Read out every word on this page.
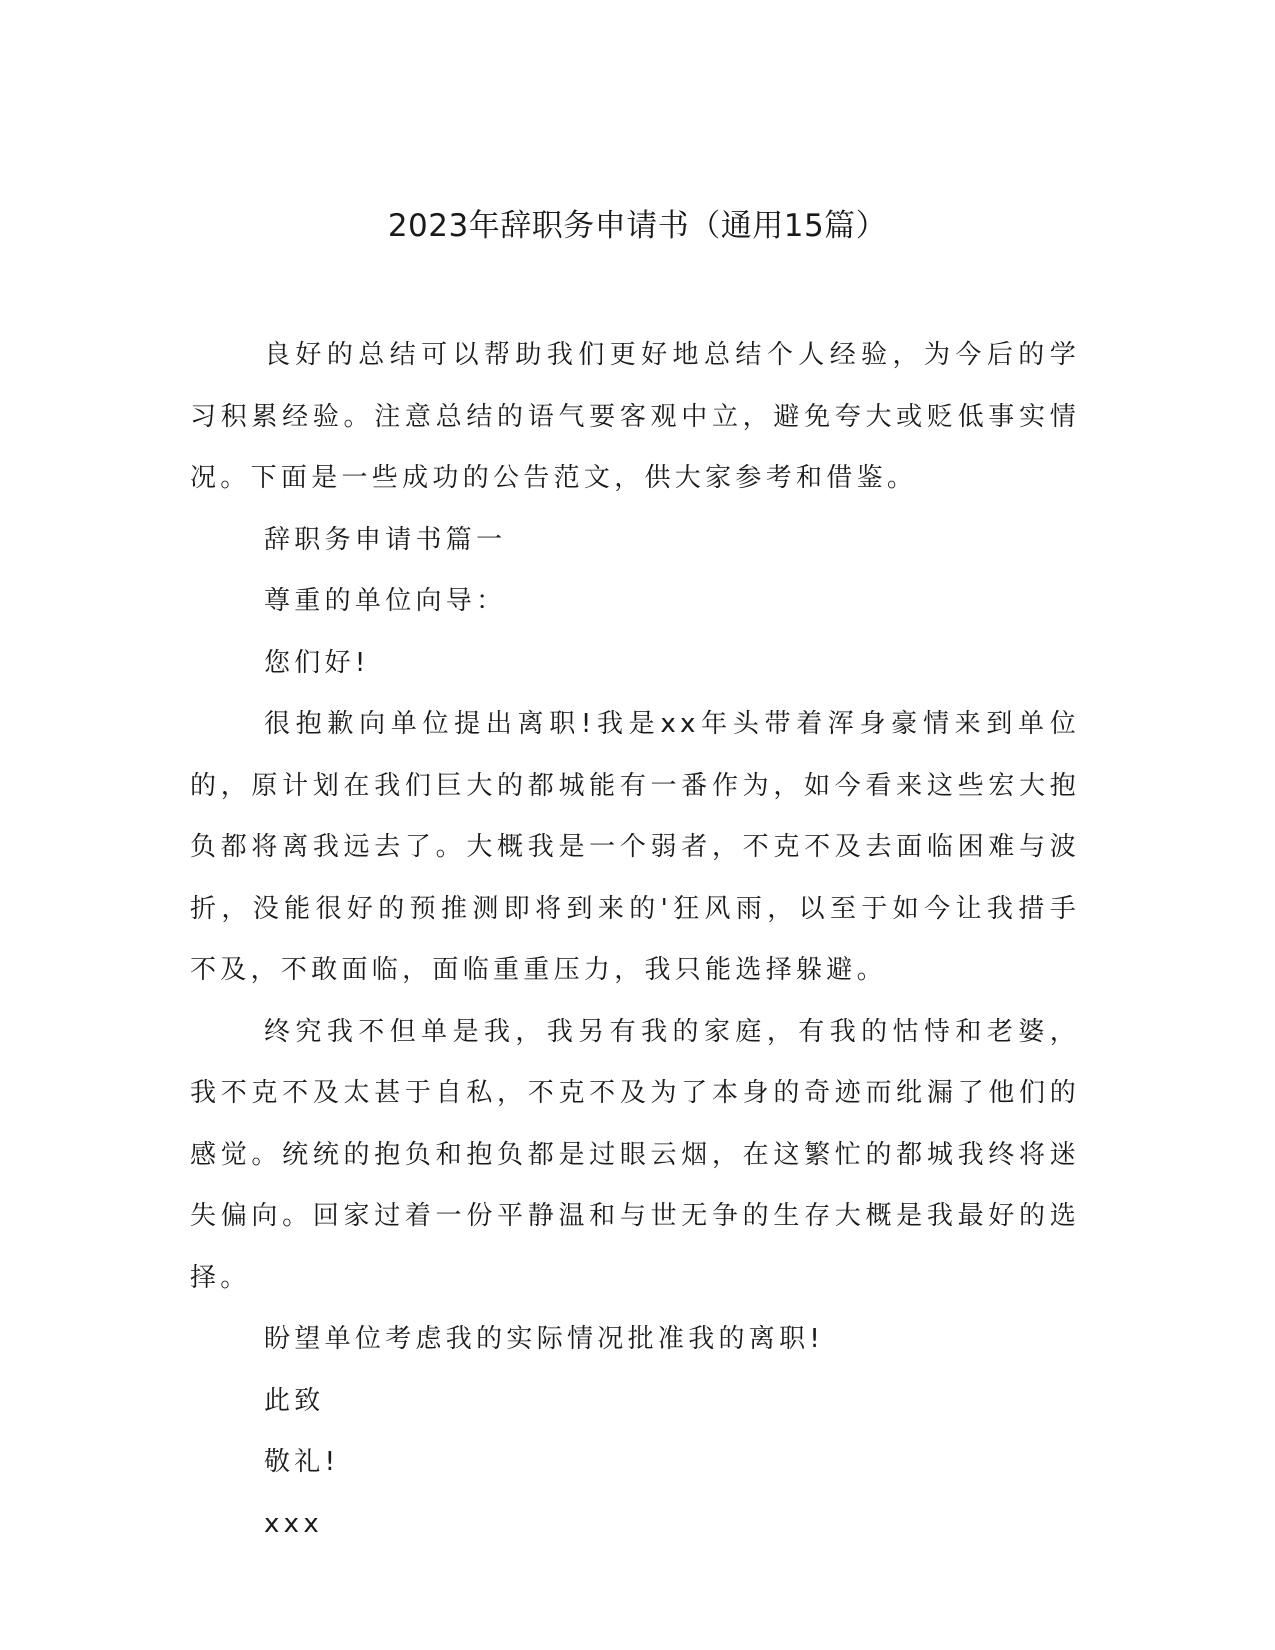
2023年辞职务申请书（通用15篇）

良好的总结可以帮助我们更好地总结个人经验，为今后的学习积累经验。注意总结的语气要客观中立，避免夸大或贬低事实情况。下面是一些成功的公告范文，供大家参考和借鉴。

辞职务申请书篇一

尊重的单位向导：

您们好!

很抱歉向单位提出离职!我是xx年头带着浑身豪情来到单位的，原计划在我们巨大的都城能有一番作为，如今看来这些宏大抱负都将离我远去了。大概我是一个弱者，不克不及去面临困难与波折，没能很好的预推测即将到来的'狂风雨，以至于如今让我措手不及，不敢面临，面临重重压力，我只能选择躲避。

终究我不但单是我，我另有我的家庭，有我的怙恃和老婆，我不克不及太甚于自私，不克不及为了本身的奇迹而纰漏了他们的感觉。统统的抱负和抱负都是过眼云烟，在这繁忙的都城我终将迷失偏向。回家过着一份平静温和与世无争的生存大概是我最好的选择。

盼望单位考虑我的实际情况批准我的离职!

此致

敬礼!

xxx
